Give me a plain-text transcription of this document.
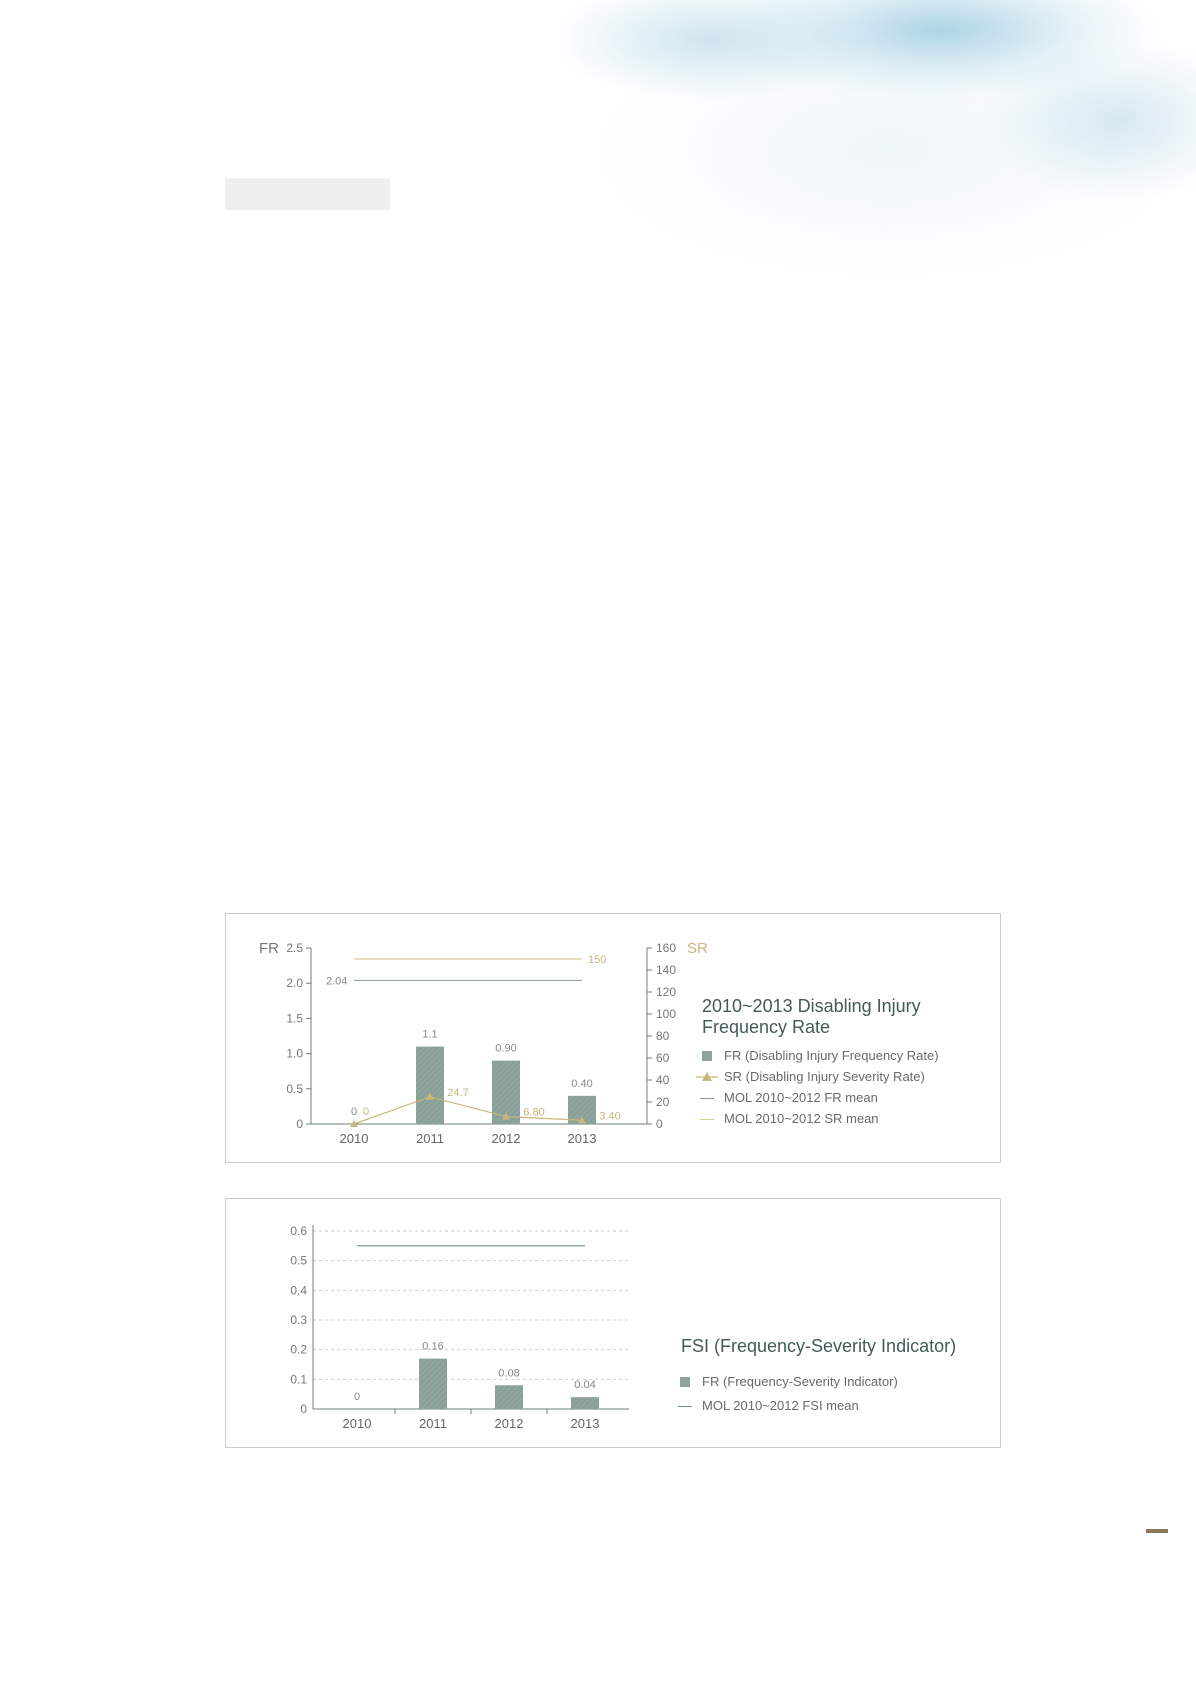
0
0.5
1.0
1.5
2.0
2.5
FR
0
20
40
60
80
100
120
140
160 SR
2010	2011	2012	2013
150
2.04
0
1.1
0.90
0.40
0
24.7
6.80	3.40
2010~2013 Disabling Injury Frequency Rate
FR (Disabling Injury Frequency Rate)
SR (Disabling Injury Severity Rate)
MOL 2010~2012 FR mean
MOL 2010~2012 SR mean
0
0.1
0.2
0.3
0.4
0.5
0.6
2010	2011	2012	2013
0
0.16
0.08
0.04
FSI (Frequency-Severity Indicator)
FR (Frequency-Severity Indicator)
MOL 2010~2012 FSI mean
